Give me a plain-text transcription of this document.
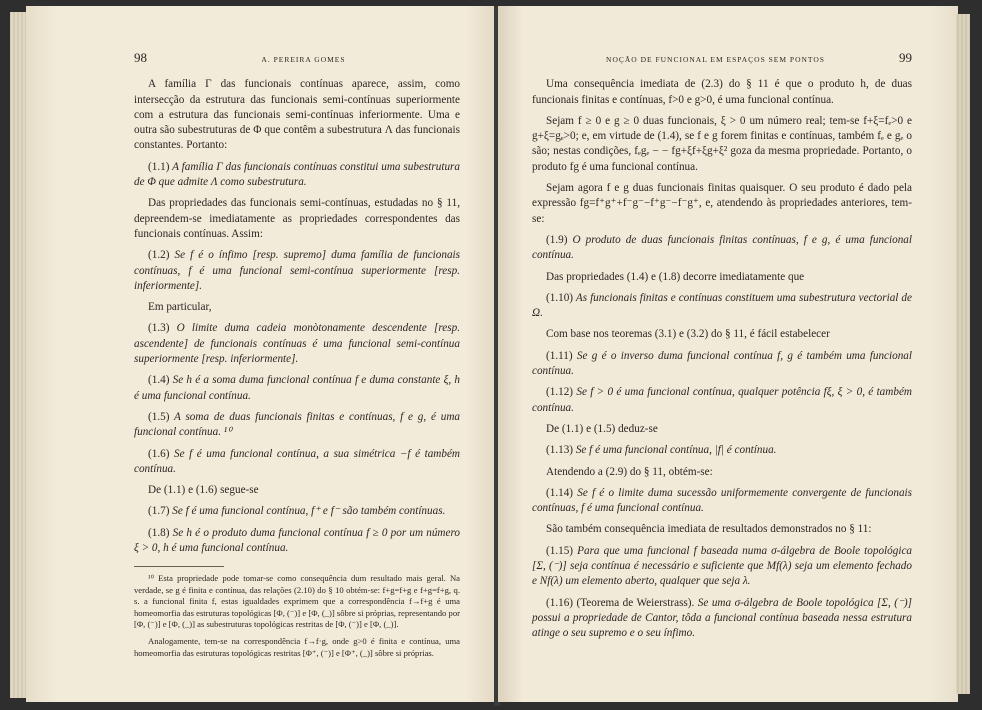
98	A. PEREIRA GOMES

A família Γ das funcionais contínuas aparece, assim, como intersecção da estrutura das funcionais semi-contínuas superiormente com a estrutura das funcionais semi-contínuas inferiormente. Uma e outra são subestruturas de Φ que contêm a subestrutura Λ das funcionais constantes. Portanto:

(1.1) A família Γ das funcionais contínuas constitui uma subestrutura de Φ que admite Λ como subestrutura.

Das propriedades das funcionais semi-contínuas, estudadas no § 11, depreendem-se imediatamente as propriedades correspondentes das funcionais contínuas. Assim:

(1.2) Se f é o ínfimo [resp. supremo] duma família de funcionais contínuas, f é uma funcional semi-contínua superiormente [resp. inferiormente].

Em particular,

(1.3) O limite duma cadeia monòtonamente descendente [resp. ascendente] de funcionais contínuas é uma funcional semi-contínua superiormente [resp. inferiormente].

(1.4) Se h é a soma duma funcional contínua f e duma constante ξ, h é uma funcional contínua.

(1.5) A soma de duas funcionais finitas e contínuas, f e g, é uma funcional contínua. ¹⁰

(1.6) Se f é uma funcional contínua, a sua simétrica −f é também contínua.

De (1.1) e (1.6) segue-se

(1.7) Se f é uma funcional contínua, f⁺ e f⁻ são também contínuas.

(1.8) Se h é o produto duma funcional contínua f ≥ 0 por um número ξ > 0, h é uma funcional contínua.

¹⁰ Esta propriedade pode tomar-se como consequência dum resultado mais geral. Na verdade, se g é finita e contínua, das relações (2.10) do § 10 obtém-se: f+g=f+g e f+g=f+g, q. s. a funcional finita f, estas igualdades exprimem que a correspondência f→f+g é uma homeomorfia das estruturas topológicas [Φ, (⁻)] e [Φ, (_)] sôbre si próprias, representando por [Φ, (⁻)] e [Φ, (_)] as subestruturas topológicas restritas de [Φ, (⁻)] e [Φ, (_)].

Analogamente, tem-se na correspondência f→f·g, onde g>0 é finita e contínua, uma homeomorfia das estruturas topológicas restritas [Φ⁺, (⁻)] e [Φ⁺, (_)] sôbre si próprias.

NOÇÃO DE FUNCIONAL EM ESPAÇOS SEM PONTOS	99

Uma consequência imediata de (2.3) do § 11 é que o produto h, de duas funcionais finitas e contínuas, f>0 e g>0, é uma funcional contínua.

Sejam f ≥ 0 e g ≥ 0 duas funcionais, ξ > 0 um número real; tem-se f+ξ=fₑ>0 e g+ξ=gₑ>0; e, em virtude de (1.4), se f e g forem finitas e contínuas, também fₑ e gₑ o são; nestas condições, fₑgₑ − − fg+ξf+ξg+ξ² goza da mesma propriedade. Portanto, o produto fg é uma funcional contínua.

Sejam agora f e g duas funcionais finitas quaisquer. O seu produto é dado pela expressão fg=f⁺g⁺+f⁻g⁻−f⁺g⁻−f⁻g⁺, e, atendendo às propriedades anteriores, tem-se:

(1.9) O produto de duas funcionais finitas contínuas, f e g, é uma funcional contínua.

Das propriedades (1.4) e (1.8) decorre imediatamente que

(1.10) As funcionais finitas e contínuas constituem uma subestrutura vectorial de Ω.

Com base nos teoremas (3.1) e (3.2) do § 11, é fácil estabelecer

(1.11) Se g é o inverso duma funcional contínua f, g é também uma funcional contínua.

(1.12) Se f > 0 é uma funcional contínua, qualquer potência fξ, ξ > 0, é também contínua.

De (1.1) e (1.5) deduz-se

(1.13) Se f é uma funcional contínua, |f| é contínua.

Atendendo a (2.9) do § 11, obtém-se:

(1.14) Se f é o limite duma sucessão uniformemente convergente de funcionais contínuas, f é uma funcional contínua.

São também consequência imediata de resultados demonstrados no § 11:

(1.15) Para que uma funcional f baseada numa σ-álgebra de Boole topológica [Σ, (⁻)] seja contínua é necessário e suficiente que Mf(λ) seja um elemento fechado e Nf(λ) um elemento aberto, qualquer que seja λ.

(1.16) (Teorema de Weierstrass). Se uma σ-álgebra de Boole topológica [Σ, (⁻)] possui a propriedade de Cantor, tôda a funcional contínua baseada nessa estrutura atinge o seu supremo e o seu ínfimo.
